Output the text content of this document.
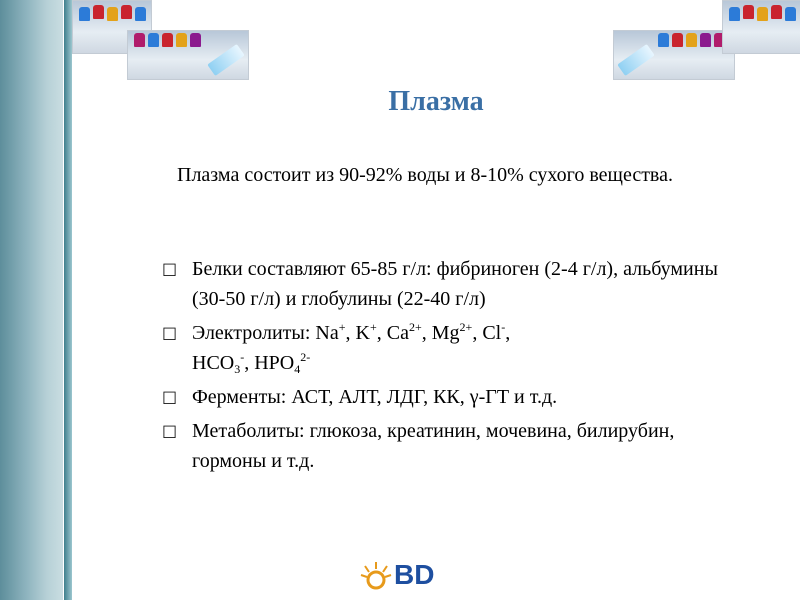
Плазма
Плазма состоит из 90-92% воды и 8-10% сухого вещества.
□ Белки составляют 65-85 г/л: фибриноген (2-4 г/л), альбумины (30-50 г/л) и глобулины (22-40 г/л)
□ Электролиты: Na+, K+, $Ca^{2+}$, $Mg^{2+}$, Cl-,
$HCO_3^-$, $HPO_4^{2-}$
□ Ферменты: АСТ, АЛТ, ЛДГ, КК, γ-ГТ и т.д.
□ Метаболиты: глюкоза, креатинин, мочевина, билирубин, гормоны и т.д.
BD
